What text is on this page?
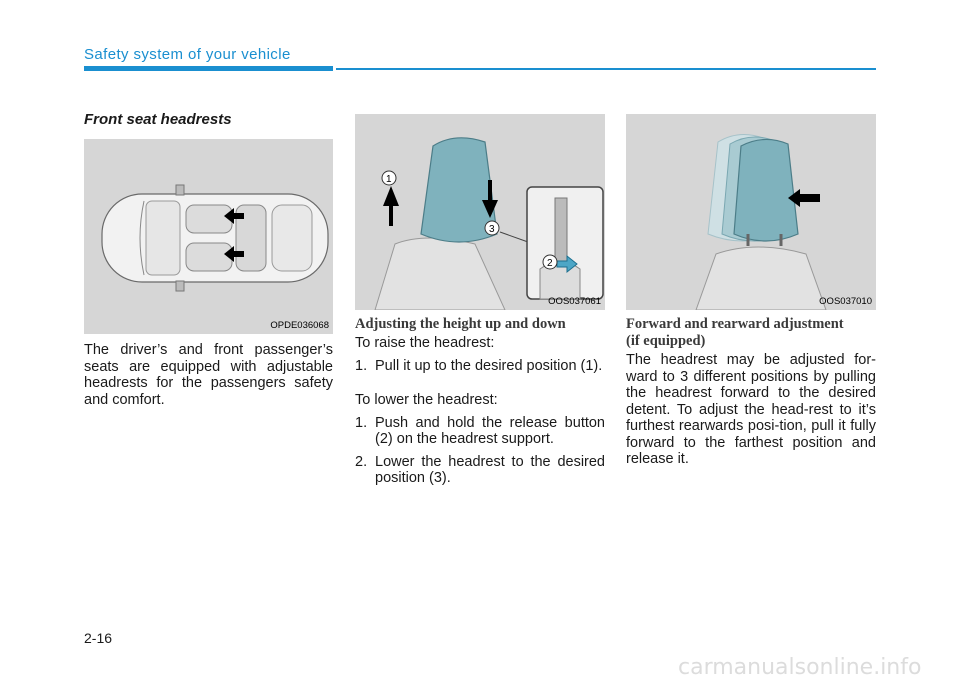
Safety system of your vehicle
Front seat headrests
OPDE036068
1
3
2
OOS037061	OOS037010

The driver’s and front passenger’s seats are equipped with adjustable headrests for the passengers safety and comfort.

Adjusting the height up and down

To raise the headrest:

1. Pull it up to the desired position (1).

To lower the headrest:

1. Push and hold the release button (2) on the headrest support.
2. Lower the headrest to the desired position (3).
Forward and rearward adjustment
(if equipped)

The headrest may be adjusted for-ward to 3 different positions by pulling the headrest forward to the desired detent. To adjust the head-rest to it’s furthest rearwards posi-tion, pull it fully forward to the farthest position and release it.

2-16
carmanualsonline.info
